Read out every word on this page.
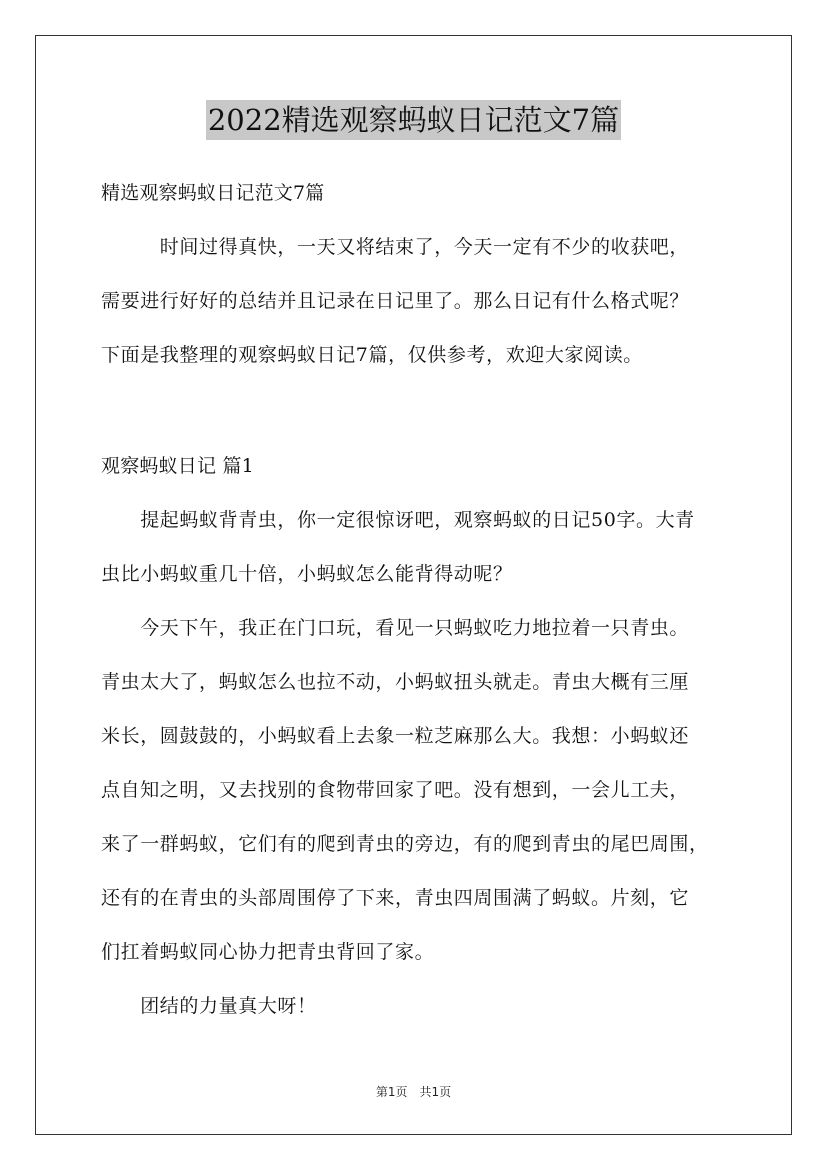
2022精选观察蚂蚁日记范文7篇
精选观察蚂蚁日记范文7篇
　　　时间过得真快，一天又将结束了，今天一定有不少的收获吧，
需要进行好好的总结并且记录在日记里了。那么日记有什么格式呢？
下面是我整理的观察蚂蚁日记7篇，仅供参考，欢迎大家阅读。
观察蚂蚁日记 篇1
　　提起蚂蚁背青虫，你一定很惊讶吧，观察蚂蚁的日记50字。大青
虫比小蚂蚁重几十倍，小蚂蚁怎么能背得动呢？
　　今天下午，我正在门口玩，看见一只蚂蚁吃力地拉着一只青虫。
青虫太大了，蚂蚁怎么也拉不动，小蚂蚁扭头就走。青虫大概有三厘
米长，圆鼓鼓的，小蚂蚁看上去象一粒芝麻那么大。我想：小蚂蚁还
点自知之明，又去找别的食物带回家了吧。没有想到，一会儿工夫，
来了一群蚂蚁，它们有的爬到青虫的旁边，有的爬到青虫的尾巴周围，
还有的在青虫的头部周围停了下来，青虫四周围满了蚂蚁。片刻，它
们扛着蚂蚁同心协力把青虫背回了家。
　　团结的力量真大呀！
第1页　共1页
